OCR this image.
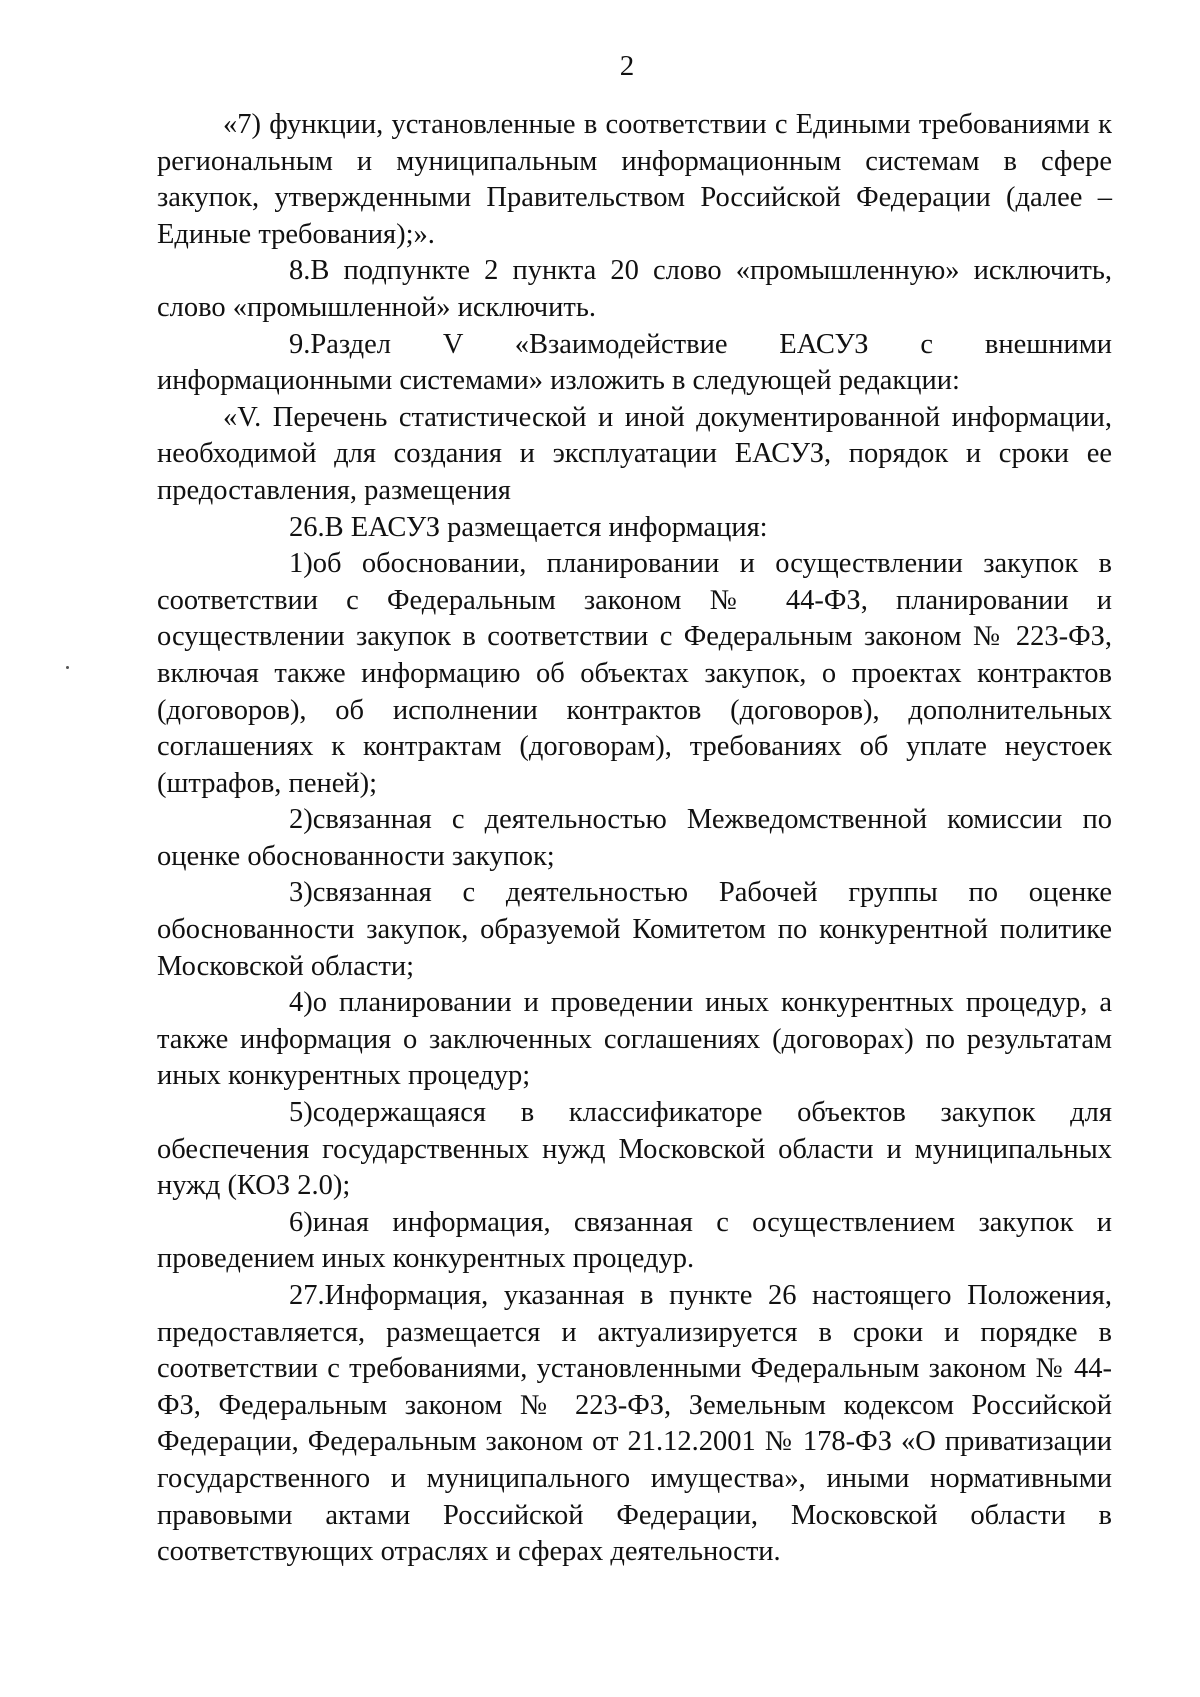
2

«7) функции, установленные в соответствии с Едиными требованиями к региональным и муниципальным информационным системам в сфере закупок, утвержденными Правительством Российской Федерации (далее – Единые требования);».

8.В подпункте 2 пункта 20 слово «промышленную» исключить, слово «промышленной» исключить.

9.Раздел V «Взаимодействие ЕАСУЗ с внешними информационными системами» изложить в следующей редакции:

«V. Перечень статистической и иной документированной информации, необходимой для создания и эксплуатации ЕАСУЗ, порядок и сроки ее предоставления, размещения

26.В ЕАСУЗ размещается информация:

1)об обосновании, планировании и осуществлении закупок в соответствии с Федеральным законом № 44-ФЗ, планировании и осуществлении закупок в соответствии с Федеральным законом № 223-ФЗ, включая также информацию об объектах закупок, о проектах контрактов (договоров), об исполнении контрактов (договоров), дополнительных соглашениях к контрактам (договорам), требованиях об уплате неустоек (штрафов, пеней);

2)связанная с деятельностью Межведомственной комиссии по оценке обоснованности закупок;

3)связанная с деятельностью Рабочей группы по оценке обоснованности закупок, образуемой Комитетом по конкурентной политике Московской области;

4)о планировании и проведении иных конкурентных процедур, а также информация о заключенных соглашениях (договорах) по результатам иных конкурентных процедур;

5)содержащаяся в классификаторе объектов закупок для обеспечения государственных нужд Московской области и муниципальных нужд (КОЗ 2.0);

6)иная информация, связанная с осуществлением закупок и проведением иных конкурентных процедур.

27.Информация, указанная в пункте 26 настоящего Положения, предоставляется, размещается и актуализируется в сроки и порядке в соответствии с требованиями, установленными Федеральным законом № 44-ФЗ, Федеральным законом № 223-ФЗ, Земельным кодексом Российской Федерации, Федеральным законом от 21.12.2001 № 178-ФЗ «О приватизации государственного и муниципального имущества», иными нормативными правовыми актами Российской Федерации, Московской области в соответствующих отраслях и сферах деятельности.
